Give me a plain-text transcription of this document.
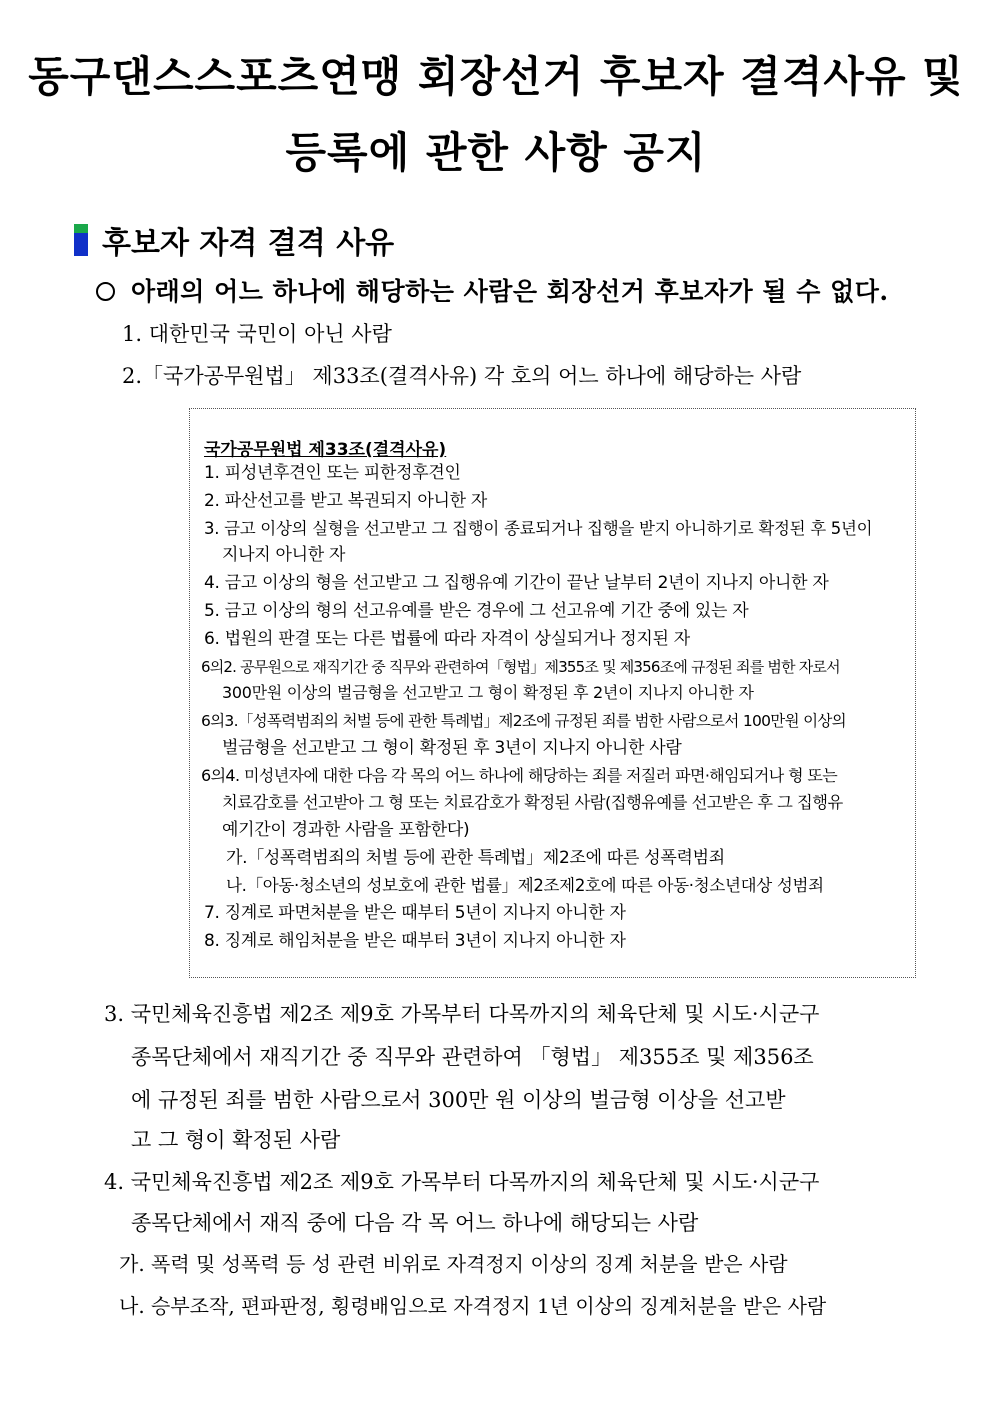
동구댄스스포츠연맹 회장선거 후보자 결격사유 및
등록에 관한 사항 공지
후보자 자격 결격 사유
아래의 어느 하나에 해당하는 사람은 회장선거 후보자가 될 수 없다.
1. 대한민국 국민이 아닌 사람
2.「국가공무원법」 제33조(결격사유) 각 호의 어느 하나에 해당하는 사람
국가공무원법 제33조(결격사유)
1. 피성년후견인 또는 피한정후견인
2. 파산선고를 받고 복권되지 아니한 자
3. 금고 이상의 실형을 선고받고 그 집행이 종료되거나 집행을 받지 아니하기로 확정된 후 5년이
지나지 아니한 자
4. 금고 이상의 형을 선고받고 그 집행유예 기간이 끝난 날부터 2년이 지나지 아니한 자
5. 금고 이상의 형의 선고유예를 받은 경우에 그 선고유예 기간 중에 있는 자
6. 법원의 판결 또는 다른 법률에 따라 자격이 상실되거나 정지된 자
6의2. 공무원으로 재직기간 중 직무와 관련하여「형법」제355조 및 제356조에 규정된 죄를 범한 자로서
300만원 이상의 벌금형을 선고받고 그 형이 확정된 후 2년이 지나지 아니한 자
6의3.「성폭력범죄의 처벌 등에 관한 특례법」제2조에 규정된 죄를 범한 사람으로서 100만원 이상의
벌금형을 선고받고 그 형이 확정된 후 3년이 지나지 아니한 사람
6의4. 미성년자에 대한 다음 각 목의 어느 하나에 해당하는 죄를 저질러 파면·해임되거나 형 또는
치료감호를 선고받아 그 형 또는 치료감호가 확정된 사람(집행유예를 선고받은 후 그 집행유
예기간이 경과한 사람을 포함한다)
가.「성폭력범죄의 처벌 등에 관한 특례법」제2조에 따른 성폭력범죄
나.「아동·청소년의 성보호에 관한 법률」제2조제2호에 따른 아동·청소년대상 성범죄
7. 징계로 파면처분을 받은 때부터 5년이 지나지 아니한 자
8. 징계로 해임처분을 받은 때부터 3년이 지나지 아니한 자
3. 국민체육진흥법 제2조 제9호 가목부터 다목까지의 체육단체 및 시도·시군구
종목단체에서 재직기간 중 직무와 관련하여 「형법」 제355조 및 제356조
에 규정된 죄를 범한 사람으로서 300만 원 이상의 벌금형 이상을 선고받
고 그 형이 확정된 사람
4. 국민체육진흥법 제2조 제9호 가목부터 다목까지의 체육단체 및 시도·시군구
종목단체에서 재직 중에 다음 각 목 어느 하나에 해당되는 사람
가. 폭력 및 성폭력 등 성 관련 비위로 자격정지 이상의 징계 처분을 받은 사람
나. 승부조작, 편파판정, 횡령배임으로 자격정지 1년 이상의 징계처분을 받은 사람
